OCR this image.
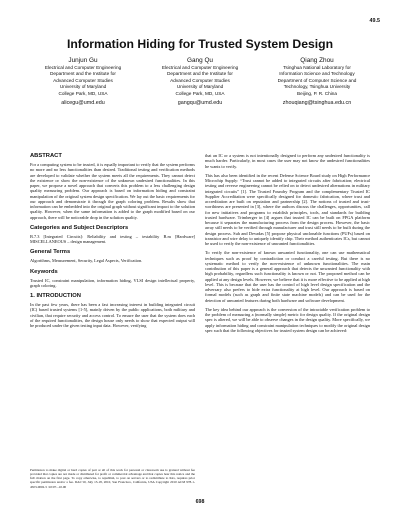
49.5
Information Hiding for Trusted System Design
Junjun Gu
Electrical and Computer Engineering
Department and the Institute for
Advanced Computer Studies
University of Maryland
College Park, MD, USA
alicegu@umd.edu
Gang Qu
Electrical and Computer Engineering
Department and the Institute for
Advanced Computer Studies
University of Maryland
College Park, MD, USA
gangqu@umd.edu
Qiang Zhou
Tsinghua National Laboratory for
Information Science and Technology
Department of Computer Science and
Technology, Tsinghua University
Beijing, P. R. China
zhouqiang@tsinghua.edu.cn
ABSTRACT

For a computing system to be trusted, it is equally important to verify that the system performs no more and no less functionalities than desired. Traditional testing and verification methods are developed to validate whether the system meets all the requirements. They cannot detect the existence or show the non-existence of the unknown undesired functionalities. In this paper, we propose a novel approach that converts this problem to a less challenging design quality measuring problem. Our approach is based on information hiding and constraint manipulation of the original system design specification. We lay out the basic requirements for our approach and demonstrate it through the graph coloring problem. Results show that information can be embedded into the original graph without significant impact to the solution quality. However, when the same information is added to the graph modified based on our approach, there will be noticeable drop in the solution quality.

Categories and Subject Descriptors

B.7.3 [Integrated Circuits]: Reliability and testing – testability B.m [Hardware] MISCELLANEOUS – design management.

General Terms

Algorithms, Measurement, Security, Legal Aspects, Verification.

Keywords

Trusted IC, constraint manipulation, information hiding, VLSI design intellectual property, graph coloring.

1. INTRODUCTION

In the past few years, there has been a fast increasing interest in building integrated circuit (IC) based trusted systems [1-5], mainly driven by the public applications, both military and civilian, that require security and access control. To ensure the user that the system does each of the required functionalities, the design house only needs to show that expected output will be produced under the given testing input data. However, verifying

Permission to make digital or hard copies of part or all of this work for personal or classroom use is granted without fee provided that copies are not made or distributed for profit or commercial advantage and that copies bear this notice and the full citation on the first page. To copy otherwise, to republish, to post on servers or to redistribute to lists, requires prior specific permission and/or a fee. DAC'10, July 13-18, 2010, San Francisco, California, USA Copyright 2010 ACM 978-1-4503-0002-5 /10/07...10.00

that an IC or a system is not intentionally designed to perform any undesired functionality is much harder. Particularly, in most cases the user may not know the undesired functionalities he wants to verify.

This has also been identified in the recent Defense Science Board study on High Performance Microchip Supply: “Trust cannot be added to integrated circuits after fabrication; electrical testing and reverse engineering cannot be relied on to detect undesired alternations in military integrated circuits” [1]. The Trusted Foundry Program and the complementary Trusted IC Supplier Accreditation were specifically designed for domestic fabrication, where trust and accreditation are built on reputation and partnership [2]. The notions of trusted and trust-worthiness are presented in [3], where the authors discuss the challenges, opportunities, call for new initiatives and programs to establish principles, tools, and standards for building trusted hardware. Trimberger in [4] argues that trusted IC can be built on FPGA platform because it separates the manufacturing process from the design process. However, the basic array still needs to be verified through manufacturer and trust still needs to be built during the design process. Suh and Devadas [5] propose physical unclonable functions (PUFs) based on transistor and wire delay to uniquely identify chip. Their method authenticates ICs, but cannot be used to verify the non-existence of unwanted functionalities.

To verify the non-existence of known unwanted functionality, one can use mathematical techniques such as proof by contradiction or conduct a careful testing. But there is no systematic method to verify the non-existence of unknown functionalities. The main contribution of this paper is a general approach that detects the unwanted functionality with high probability, regardless such functionality is known or not. The proposed method can be applied at any design levels. However, we believe that it is more effective to be applied at high level. This is because that the user has the control of high level design specification and the adversary also prefers to hide extra functionality at high level. Our approach is based on formal models (such as graph and finite state machine models) and can be used for the detection of unwanted features during both hardware and software development.

The key idea behind our approach is the conversion of the intractable verification problem to the problem of measuring a (normally simple) metric for design quality. If the original design spec is altered, we will be able to observe changes in the design quality. More specifically, we apply information hiding and constraint manipulation techniques to modify the original design spec such that the following objectives for trusted system design can be achieved:

698
